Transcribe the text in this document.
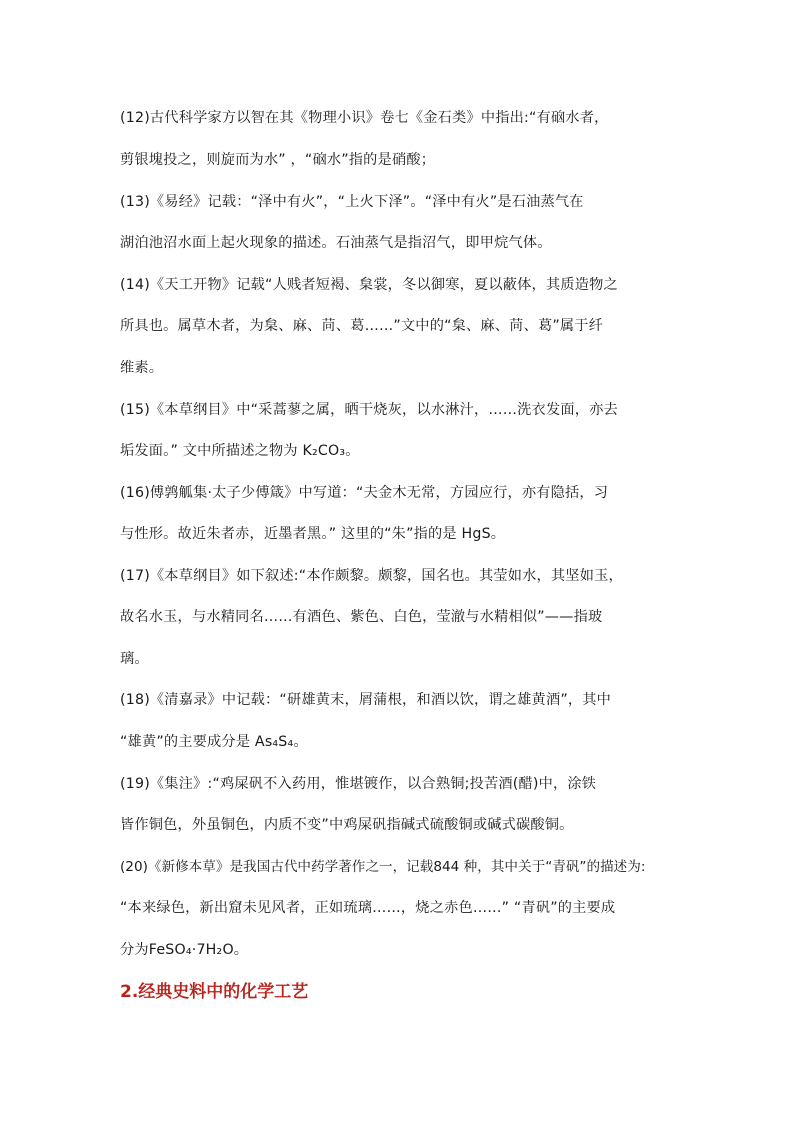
(12)古代科学家方以智在其《物理小识》卷七《金石类》中指出:“有硇水者，
剪银塊投之，则旋而为水” ，“硇水”指的是硝酸；
(13)《易经》记载：“泽中有火”，“上火下泽”。“泽中有火”是石油蒸气在
湖泊池沼水面上起火现象的描述。石油蒸气是指沼气，即甲烷气体。
(14)《天工开物》记载“人贱者短褐、枲裳，冬以御寒，夏以蔽体，其质造物之
所具也。属草木者，为枲、麻、苘、葛……”文中的“枲、麻、苘、葛”属于纤
维素。
(15)《本草纲目》中“采蒿蓼之属，晒干烧灰，以水淋汁，……洗衣发面，亦去
垢发面。” 文中所描述之物为 K₂CO₃。
(16)傅鹑觚集·太子少傅箴》中写道：“夫金木无常，方园应行，亦有隐括，习
与性形。故近朱者赤，近墨者黑。” 这里的“朱”指的是 HgS。
(17)《本草纲目》如下叙述:“本作颇黎。颇黎，国名也。其莹如水，其坚如玉，
故名水玉，与水精同名……有酒色、紫色、白色，莹澈与水精相似”——指玻
璃。
(18)《清嘉录》中记载：“研雄黄末，屑蒲根，和酒以饮，谓之雄黄酒”，其中
“雄黄”的主要成分是 As₄S₄。
(19)《集注》:“鸡屎矾不入药用，惟堪镀作，以合熟铜;投苦酒(醋)中，涂铁
皆作铜色，外虽铜色，内质不变”中鸡屎矾指碱式硫酸铜或碱式碳酸铜。
(20)《新修本草》是我国古代中药学著作之一，记载844 种，其中关于“青矾”的描述为:
“本来绿色，新出窟未见风者，正如琉璃……，烧之赤色……” “青矾”的主要成
分为FeSO₄·7H₂O。
2.经典史料中的化学工艺
